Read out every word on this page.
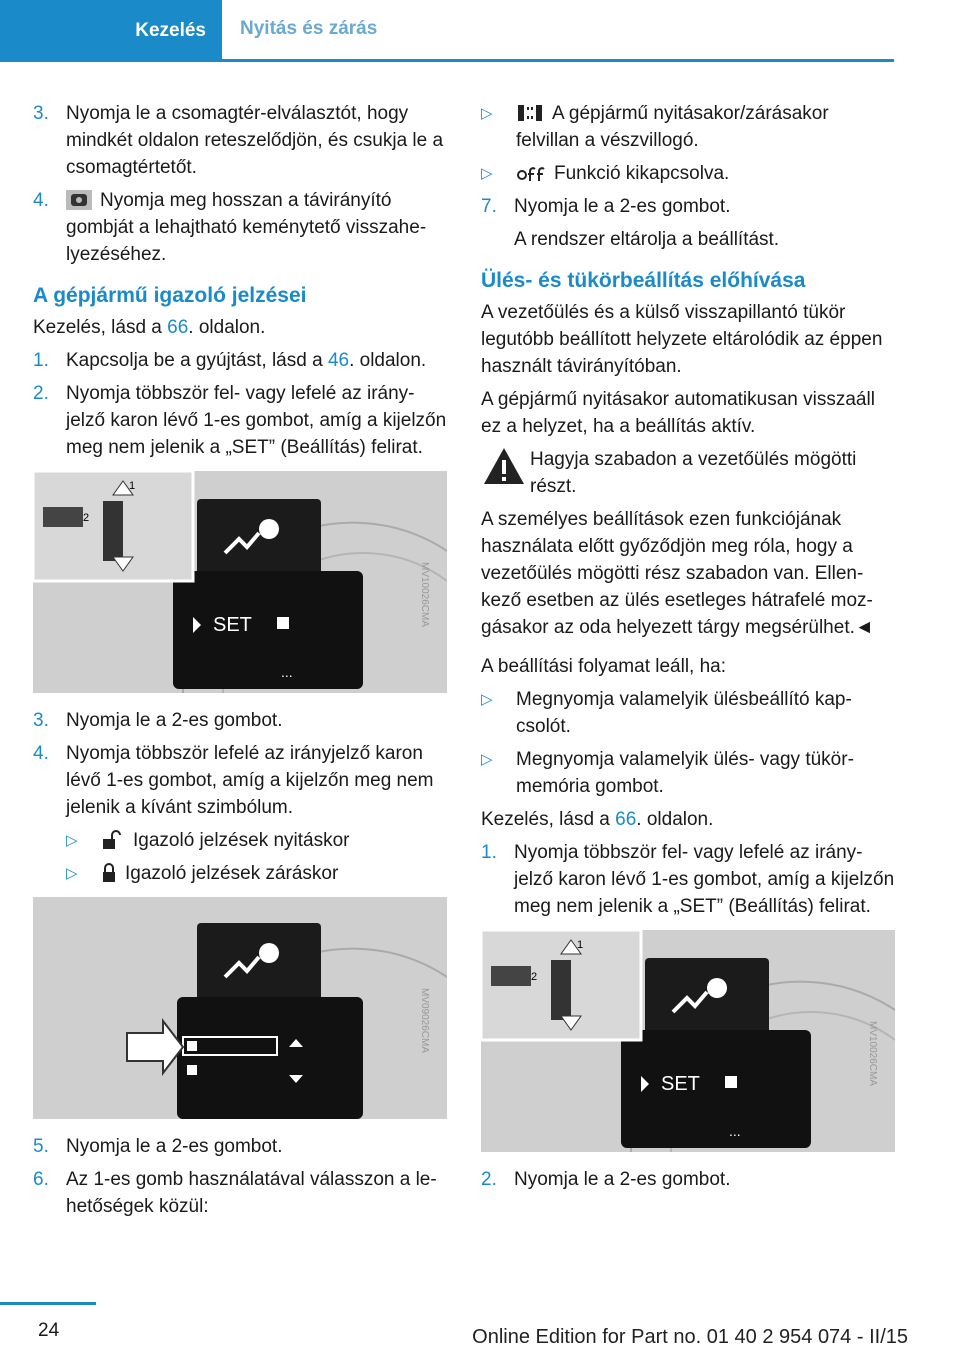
Kezelés	Nyitás és zárás
3. Nyomja le a csomagtér-elválasztót, hogy mindkét oldalon reteszelődjön, és csukja le a csomagtértetőt.
4.	Nyomja meg hosszan a távirányító gombját a lehajtható keménytető visszahelyezéséhez.
A gépjármű igazoló jelzései

Kezelés, lásd a 66. oldalon.

1. Kapcsolja be a gyújtást, lásd a 46. oldalon.
2. Nyomja többször fel- vagy lefelé az irányjelző karon lévő 1-es gombot, amíg a kijelzőn meg nem jelenik a „SET” (Beállítás) felirat.
SET
...
1
2
MV10026CMA
3. Nyomja le a 2-es gombot.
4. Nyomja többször lefelé az irányjelző karon lévő 1-es gombot, amíg a kijelzőn meg nem jelenik a kívánt szimbólum.
▷	Igazoló jelzések nyitáskor
▷	Igazoló jelzések záráskor
MV09026CMA
5. Nyomja le a 2-es gombot.
6. Az 1-es gomb használatával válasszon a lehetőségek közül:
▷	A gépjármű nyitásakor/zárásakor felvillan a vészvillogó.
▷	Funkció kikapcsolva.
7. Nyomja le a 2-es gombot.

A rendszer eltárolja a beállítást.

Ülés- és tükörbeállítás előhívása

A vezetőülés és a külső visszapillantó tükör legutóbb beállított helyzete eltárolódik az éppen használt távirányítóban.

A gépjármű nyitásakor automatikusan visszaáll ez a helyzet, ha a beállítás aktív.

Hagyja szabadon a vezetőülés mögötti részt.

A személyes beállítások ezen funkciójának használata előtt győződjön meg róla, hogy a vezetőülés mögötti rész szabadon van. Ellenkező esetben az ülés esetleges hátrafelé mozgásakor az oda helyezett tárgy megsérülhet.◄

A beállítási folyamat leáll, ha:

▷	Megnyomja valamelyik ülésbeállító kapcsolót.
▷	Megnyomja valamelyik ülés- vagy tükörmemória gombot.

Kezelés, lásd a 66. oldalon.

1. Nyomja többször fel- vagy lefelé az irányjelző karon lévő 1-es gombot, amíg a kijelzőn meg nem jelenik a „SET” (Beállítás) felirat.
SET
...
1
2
MV10026CMA
2. Nyomja le a 2-es gombot.
24	Online Edition for Part no. 01 40 2 954 074 - II/15
